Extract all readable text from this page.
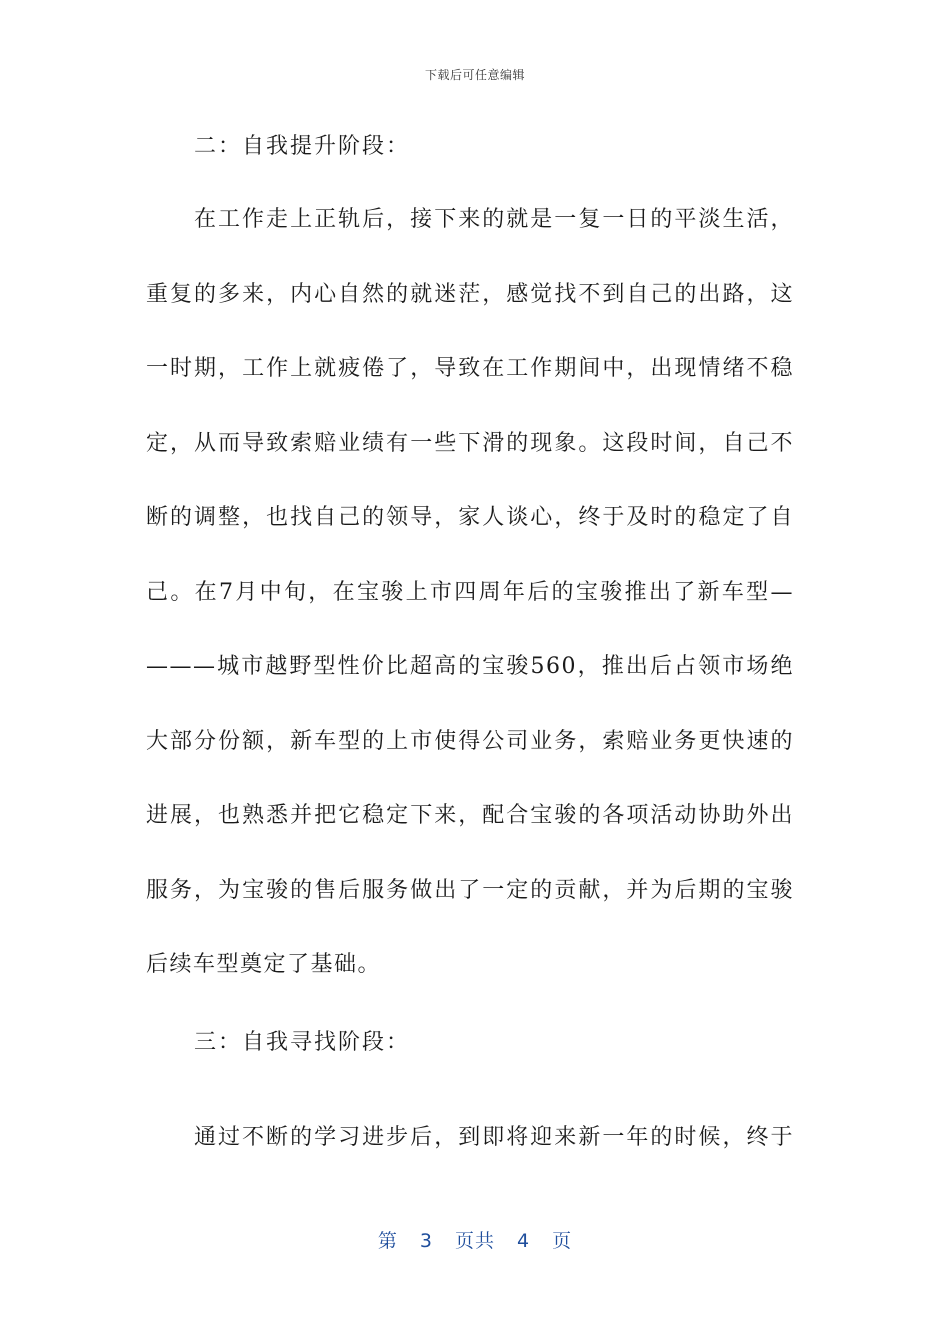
下载后可任意编辑
二：自我提升阶段：
在工作走上正轨后，接下来的就是一复一日的平淡生活，
重复的多来，内心自然的就迷茫，感觉找不到自己的出路，这
一时期，工作上就疲倦了，导致在工作期间中，出现情绪不稳
定，从而导致索赔业绩有一些下滑的现象。这段时间，自己不
断的调整，也找自己的领导，家人谈心，终于及时的稳定了自
己。在7月中旬，在宝骏上市四周年后的宝骏推出了新车型—
———城市越野型性价比超高的宝骏560，推出后占领市场绝
大部分份额，新车型的上市使得公司业务，索赔业务更快速的
进展，也熟悉并把它稳定下来，配合宝骏的各项活动协助外出
服务，为宝骏的售后服务做出了一定的贡献，并为后期的宝骏
后续车型奠定了基础。
三：自我寻找阶段：
通过不断的学习进步后，到即将迎来新一年的时候，终于
第 3 页共 4 页
